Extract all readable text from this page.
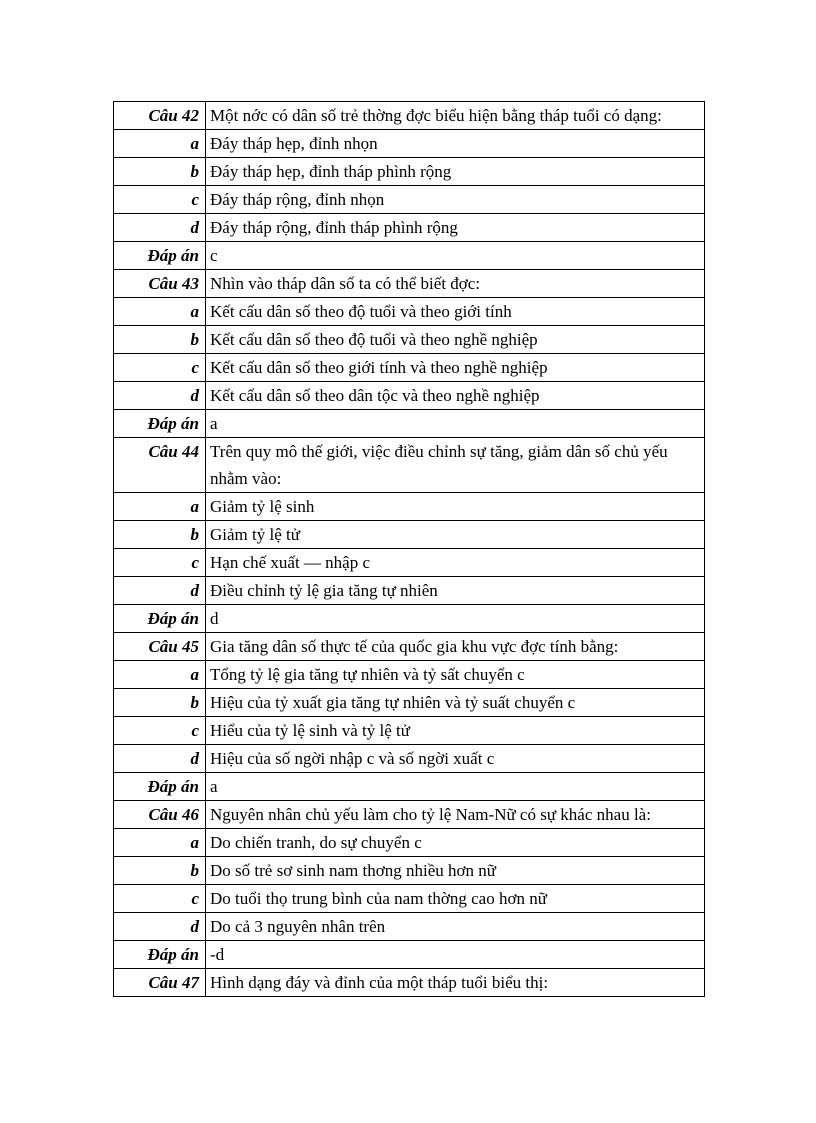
Câu 42	Một nớc có dân số trẻ thờng đợc biểu hiện bằng tháp tuổi có dạng:
a	Đáy tháp hẹp, đỉnh nhọn
b	Đáy tháp hẹp, đỉnh tháp phình rộng
c	Đáy tháp rộng, đỉnh nhọn
d	Đáy tháp rộng, đỉnh tháp phình rộng
Đáp án	c
Câu 43	Nhìn vào tháp dân số ta có thể biết đợc:
a	Kết cấu dân số theo độ tuổi và theo giới tính
b	Kết cấu dân số theo độ tuổi và theo nghề nghiệp
c	Kết cấu dân số theo giới tính và theo nghề nghiệp
d	Kết cấu dân số theo dân tộc và theo nghề nghiệp
Đáp án	a
Câu 44	Trên quy mô thế giới, việc điều chỉnh sự tăng, giảm dân số chủ yếu nhằm vào:
a	Giảm tỷ lệ sinh
b	Giảm tỷ lệ tử
c	Hạn chế xuất — nhập c
d	Điều chỉnh tỷ lệ gia tăng tự nhiên
Đáp án	d
Câu 45	Gia tăng dân số thực tế của quốc gia khu vực đợc tính bằng:
a	Tổng tỷ lệ gia tăng tự nhiên và tỷ sất chuyển c
b	Hiệu của tỷ xuất gia tăng tự nhiên và tỷ suất chuyển c
c	Hiểu của tỷ lệ sinh và tỷ lệ tử
d	Hiệu của số ngời nhập c và số ngời xuất c
Đáp án	a
Câu 46	Nguyên nhân chủ yếu làm cho tỷ lệ Nam-Nữ có sự khác nhau là:
a	Do chiến tranh, do sự chuyển c
b	Do số trẻ sơ sinh nam thơng nhiều hơn nữ
c	Do tuổi thọ trung bình của nam thờng cao hơn nữ
d	Do cả 3 nguyên nhân trên
Đáp án	-d
Câu 47	Hình dạng đáy và đỉnh của một tháp tuổi biểu thị:
